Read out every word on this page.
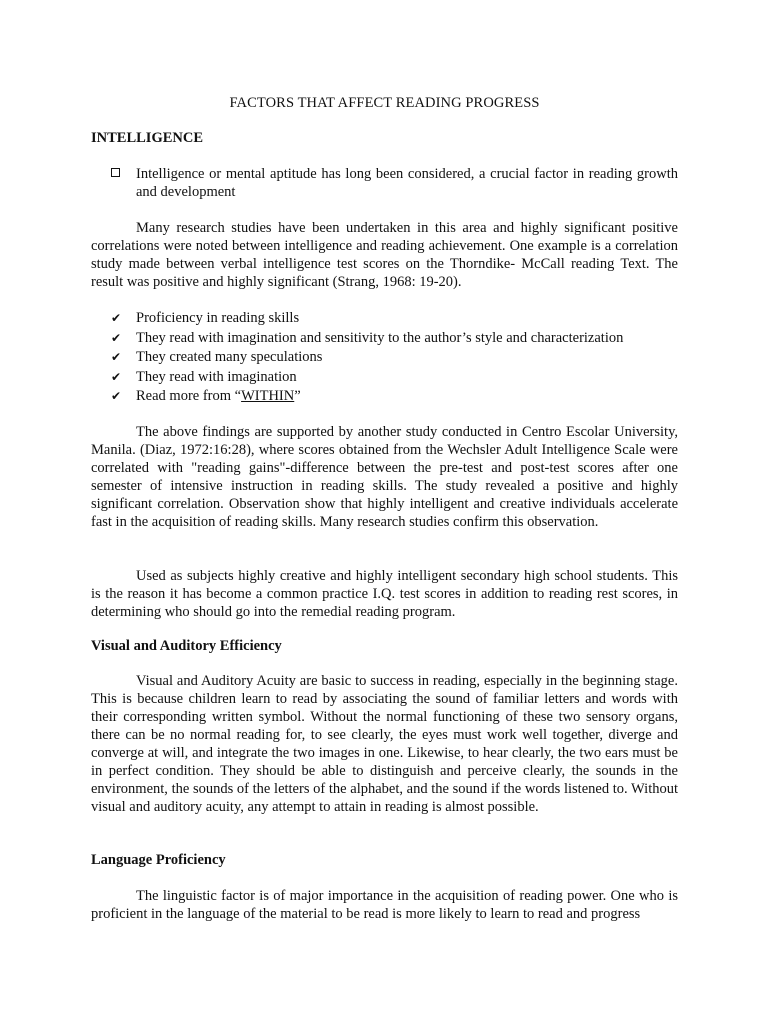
FACTORS THAT AFFECT READING PROGRESS
INTELLIGENCE
Intelligence or mental aptitude has long been considered, a crucial factor in reading growth and development

Many research studies have been undertaken in this area and highly significant positive correlations were noted between intelligence and reading achievement. One example is a correlation study made between verbal intelligence test scores on the Thorndike- McCall reading Text. The result was positive and highly significant (Strang, 1968: 19-20).

✔ Proficiency in reading skills
✔ They read with imagination and sensitivity to the author’s style and characterization
✔ They created many speculations
✔ They read with imagination
✔ Read more from “WITHIN”

The above findings are supported by another study conducted in Centro Escolar University, Manila. (Diaz, 1972:16:28), where scores obtained from the Wechsler Adult Intelligence Scale were correlated with "reading gains"-difference between the pre-test and post-test scores after one semester of intensive instruction in reading skills. The study revealed a positive and highly significant correlation. Observation show that highly intelligent and creative individuals accelerate fast in the acquisition of reading skills. Many research studies confirm this observation.

Used as subjects highly creative and highly intelligent secondary high school students. This is the reason it has become a common practice I.Q. test scores in addition to reading rest scores, in determining who should go into the remedial reading program.

Visual and Auditory Efficiency

Visual and Auditory Acuity are basic to success in reading, especially in the beginning stage. This is because children learn to read by associating the sound of familiar letters and words with their corresponding written symbol. Without the normal functioning of these two sensory organs, there can be no normal reading for, to see clearly, the eyes must work well together, diverge and converge at will, and integrate the two images in one. Likewise, to hear clearly, the two ears must be in perfect condition. They should be able to distinguish and perceive clearly, the sounds in the environment, the sounds of the letters of the alphabet, and the sound if the words listened to. Without visual and auditory acuity, any attempt to attain in reading is almost possible.

Language Proficiency

The linguistic factor is of major importance in the acquisition of reading power. One who is proficient in the language of the material to be read is more likely to learn to read and progress
